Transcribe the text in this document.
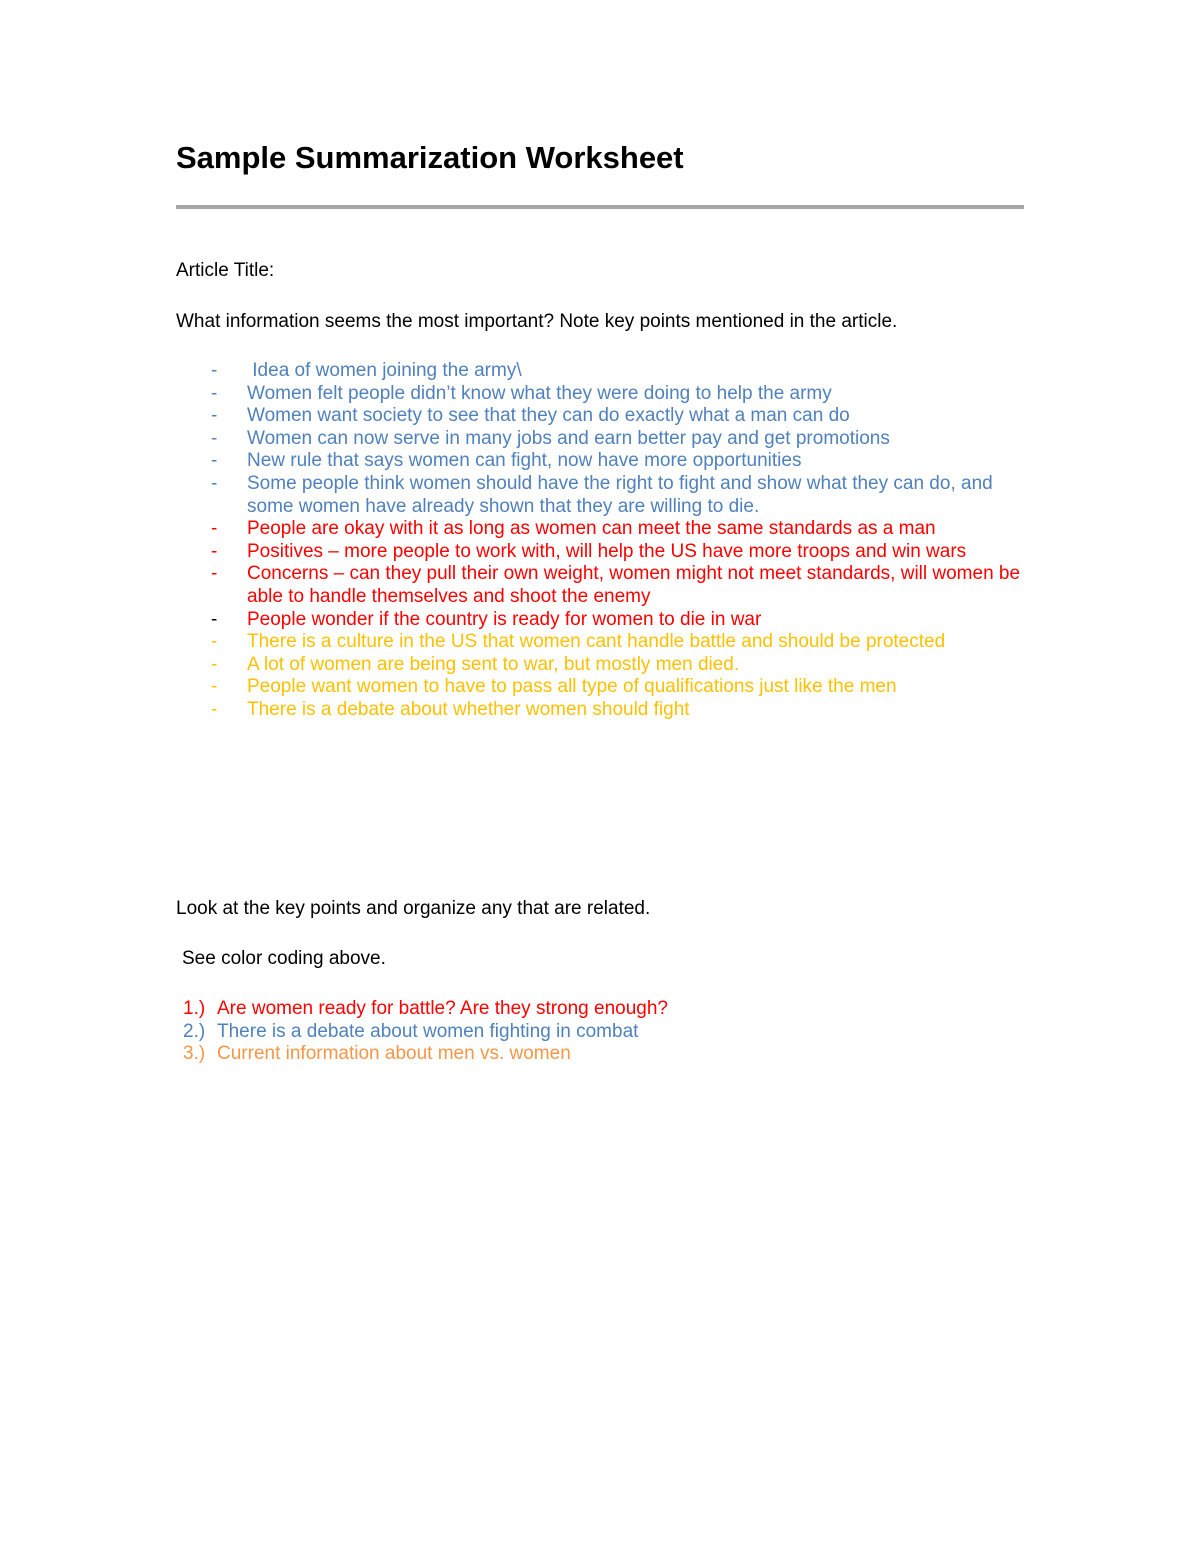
Sample Summarization Worksheet
Article Title:
What information seems the most important? Note key points mentioned in the article.
- Idea of women joining the army\
- Women felt people didn’t know what they were doing to help the army
- Women want society to see that they can do exactly what a man can do
- Women can now serve in many jobs and earn better pay and get promotions
- New rule that says women can fight, now have more opportunities
- Some people think women should have the right to fight and show what they can do, and some women have already shown that they are willing to die.
- People are okay with it as long as women can meet the same standards as a man
- Positives – more people to work with, will help the US have more troops and win wars
- Concerns – can they pull their own weight, women might not meet standards, will women be able to handle themselves and shoot the enemy
- People wonder if the country is ready for women to die in war
- There is a culture in the US that women cant handle battle and should be protected
- A lot of women are being sent to war, but mostly men died.
- People want women to have to pass all type of qualifications just like the men
- There is a debate about whether women should fight
Look at the key points and organize any that are related.
See color coding above.
1.) Are women ready for battle? Are they strong enough?
2.) There is a debate about women fighting in combat
3.) Current information about men vs. women
